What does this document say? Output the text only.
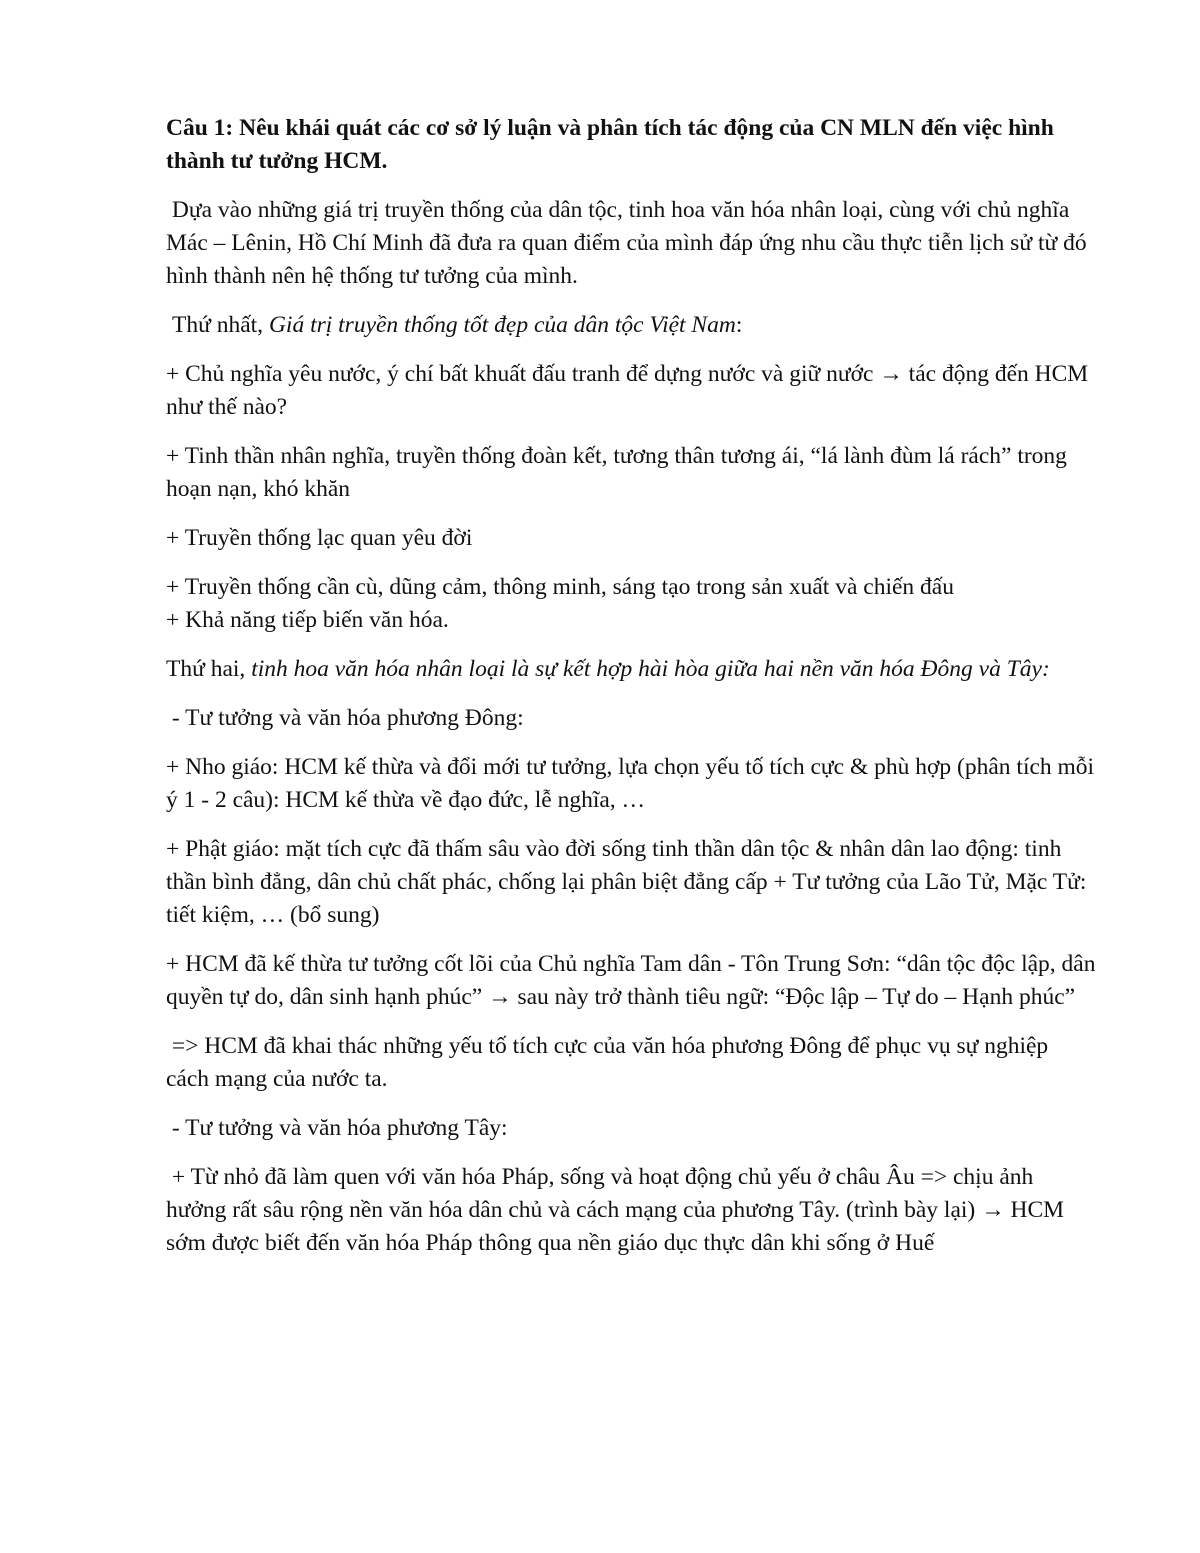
Câu 1: Nêu khái quát các cơ sở lý luận và phân tích tác động của CN MLN đến việc hình thành tư tưởng HCM.

Dựa vào những giá trị truyền thống của dân tộc, tinh hoa văn hóa nhân loại, cùng với chủ nghĩa Mác – Lênin, Hồ Chí Minh đã đưa ra quan điểm của mình đáp ứng nhu cầu thực tiễn lịch sử từ đó hình thành nên hệ thống tư tưởng của mình.

Thứ nhất, Giá trị truyền thống tốt đẹp của dân tộc Việt Nam:

+ Chủ nghĩa yêu nước, ý chí bất khuất đấu tranh để dựng nước và giữ nước → tác động đến HCM như thế nào?

+ Tinh thần nhân nghĩa, truyền thống đoàn kết, tương thân tương ái, “lá lành đùm lá rách” trong hoạn nạn, khó khăn

+ Truyền thống lạc quan yêu đời

+ Truyền thống cần cù, dũng cảm, thông minh, sáng tạo trong sản xuất và chiến đấu
+ Khả năng tiếp biến văn hóa.

Thứ hai, tinh hoa văn hóa nhân loại là sự kết hợp hài hòa giữa hai nền văn hóa Đông và Tây:

- Tư tưởng và văn hóa phương Đông:

+ Nho giáo: HCM kế thừa và đổi mới tư tưởng, lựa chọn yếu tố tích cực & phù hợp (phân tích mỗi ý 1 - 2 câu): HCM kế thừa về đạo đức, lễ nghĩa, …

+ Phật giáo: mặt tích cực đã thấm sâu vào đời sống tinh thần dân tộc & nhân dân lao động: tinh thần bình đẳng, dân chủ chất phác, chống lại phân biệt đẳng cấp + Tư tưởng của Lão Tử, Mặc Tử: tiết kiệm, … (bổ sung)

+ HCM đã kế thừa tư tưởng cốt lõi của Chủ nghĩa Tam dân - Tôn Trung Sơn: “dân tộc độc lập, dân quyền tự do, dân sinh hạnh phúc” → sau này trở thành tiêu ngữ: “Độc lập – Tự do – Hạnh phúc”

=> HCM đã khai thác những yếu tố tích cực của văn hóa phương Đông để phục vụ sự nghiệp cách mạng của nước ta.

- Tư tưởng và văn hóa phương Tây:

+ Từ nhỏ đã làm quen với văn hóa Pháp, sống và hoạt động chủ yếu ở châu Âu => chịu ảnh hưởng rất sâu rộng nền văn hóa dân chủ và cách mạng của phương Tây. (trình bày lại) → HCM sớm được biết đến văn hóa Pháp thông qua nền giáo dục thực dân khi sống ở Huế
